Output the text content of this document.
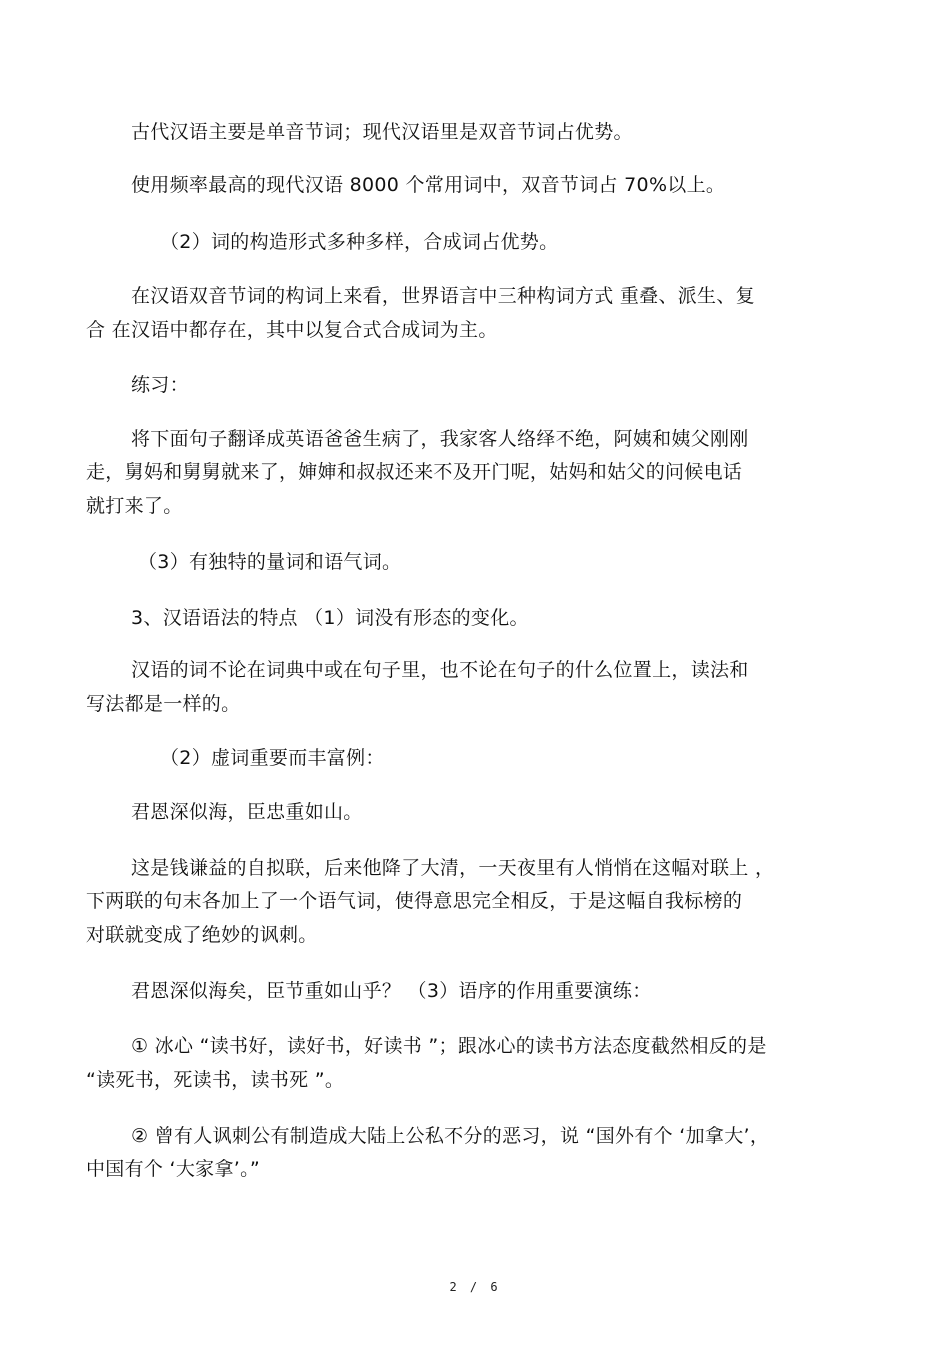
古代汉语主要是单音节词；现代汉语里是双音节词占优势。

使用频率最高的现代汉语 8000 个常用词中，双音节词占 70%以上。

（2）词的构造形式多种多样，合成词占优势。

在汉语双音节词的构词上来看，世界语言中三种构词方式 重叠、派生、复

合 在汉语中都存在，其中以复合式合成词为主。

练习：

将下面句子翻译成英语爸爸生病了，我家客人络绎不绝，阿姨和姨父刚刚

走，舅妈和舅舅就来了，婶婶和叔叔还来不及开门呢，姑妈和姑父的问候电话

就打来了。

（3）有独特的量词和语气词。

3、汉语语法的特点 （1）词没有形态的变化。

汉语的词不论在词典中或在句子里，也不论在句子的什么位置上，读法和

写法都是一样的。

（2）虚词重要而丰富例：

君恩深似海，臣忠重如山。

这是钱谦益的自拟联，后来他降了大清，一天夜里有人悄悄在这幅对联上 ，

下两联的句末各加上了一个语气词，使得意思完全相反，于是这幅自我标榜的

对联就变成了绝妙的讽刺。

君恩深似海矣，臣节重如山乎？ （3）语序的作用重要演练：

① 冰心 “读书好，读好书，好读书 ”；跟冰心的读书方法态度截然相反的是

“读死书，死读书，读书死 ”。

② 曾有人讽刺公有制造成大陆上公私不分的恶习，说 “国外有个 ‘加拿大’，

中国有个 ‘大家拿’。”

2 / 6
